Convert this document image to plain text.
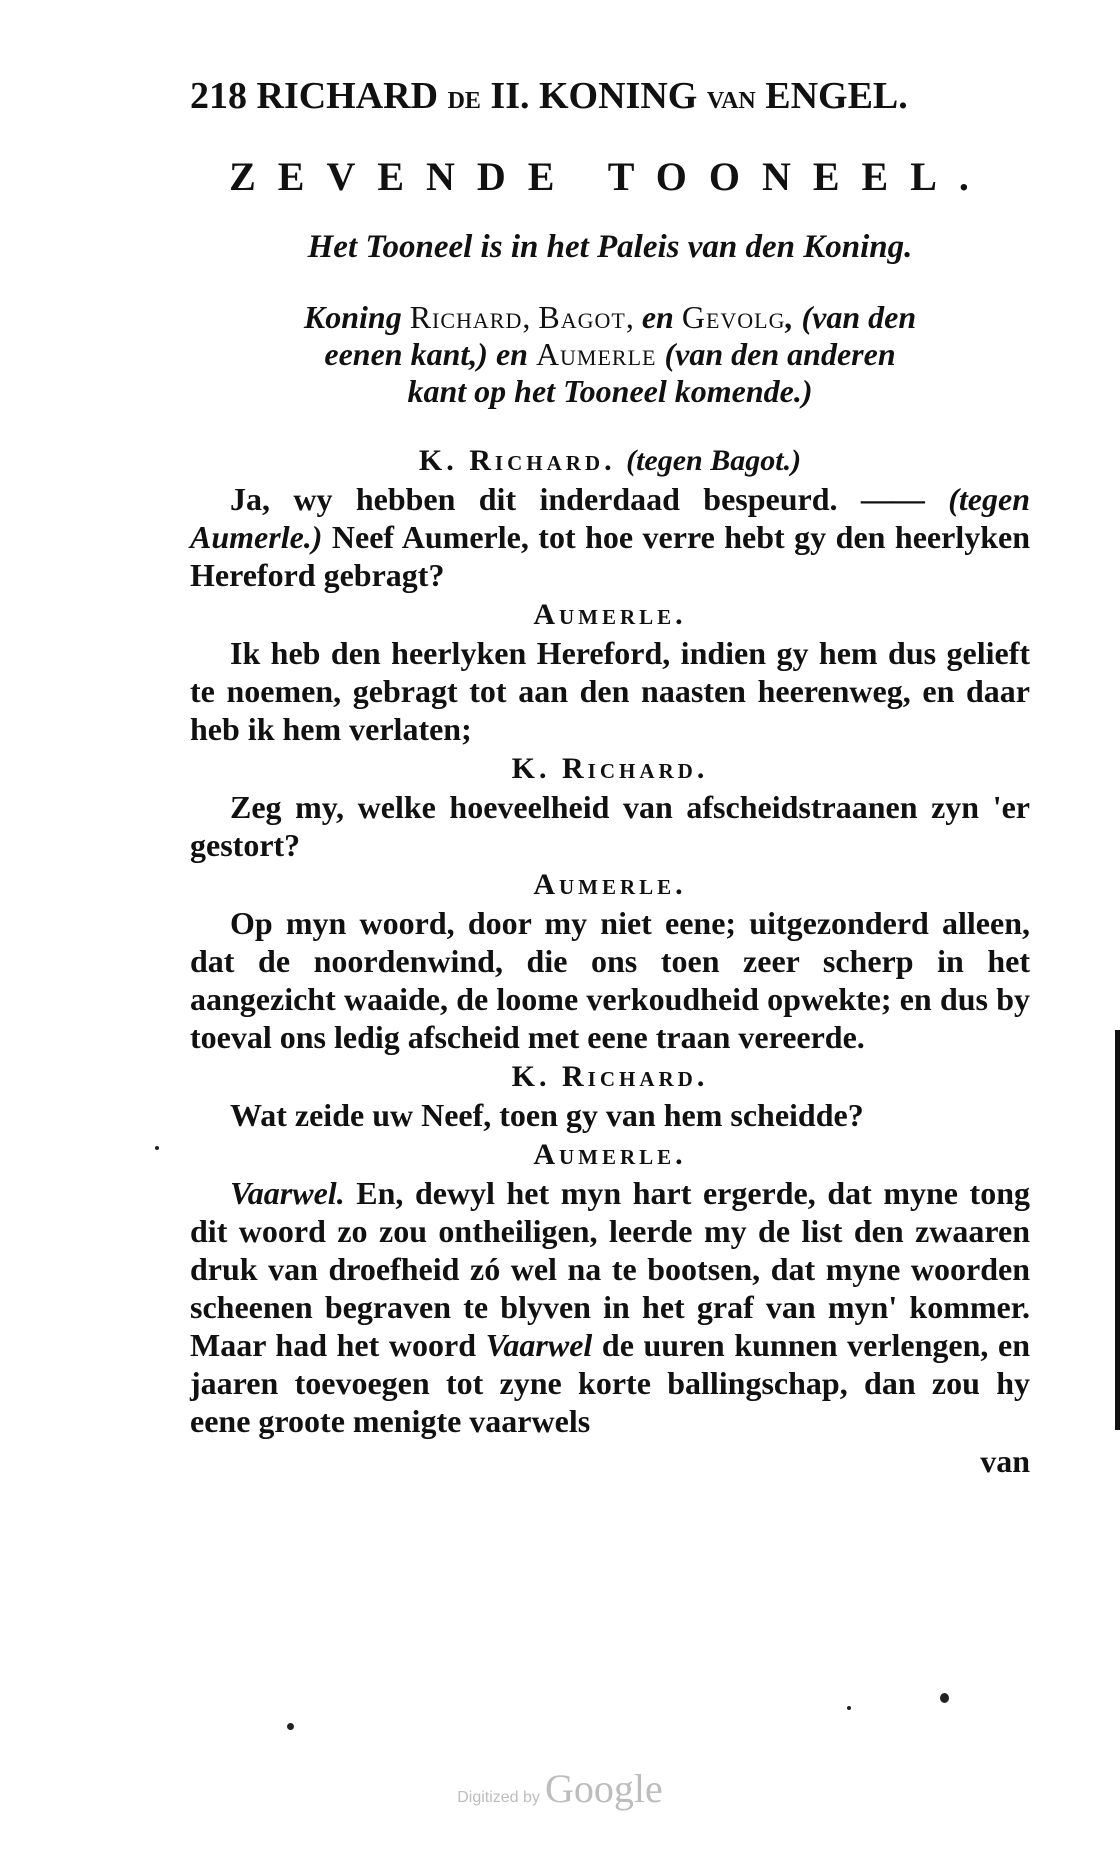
218 RICHARD DE II. KONING VAN ENGEL.
ZEVENDE TOONEEL.
Het Tooneel is in het Paleis van den Koning.
Koning Richard, Bagot, en Gevolg, (van den
eenen kant,) en Aumerle (van den anderen
kant op het Tooneel komende.)
K. Richard. (tegen Bagot.)

Ja, wy hebben dit inderdaad bespeurd. —— (tegen Aumerle.) Neef Aumerle, tot hoe verre hebt gy den heerlyken Hereford gebragt?

Aumerle.

Ik heb den heerlyken Hereford, indien gy hem dus gelieft te noemen, gebragt tot aan den naasten heerenweg, en daar heb ik hem verlaten;

K. Richard.

Zeg my, welke hoeveelheid van afscheidstraanen zyn 'er gestort?

Aumerle.

Op myn woord, door my niet eene; uitgezonderd alleen, dat de noordenwind, die ons toen zeer scherp in het aangezicht waaide, de loome verkoudheid opwekte; en dus by toeval ons ledig afscheid met eene traan vereerde.

K. Richard.

Wat zeide uw Neef, toen gy van hem scheidde?

Aumerle.

Vaarwel. En, dewyl het myn hart ergerde, dat myne tong dit woord zo zou ontheiligen, leerde my de list den zwaaren druk van droefheid zó wel na te bootsen, dat myne woorden scheenen begraven te blyven in het graf van myn' kommer. Maar had het woord Vaarwel de uuren kunnen verlengen, en jaaren toevoegen tot zyne korte ballingschap, dan zou hy eene groote menigte vaarwels

van
Digitized by Google
